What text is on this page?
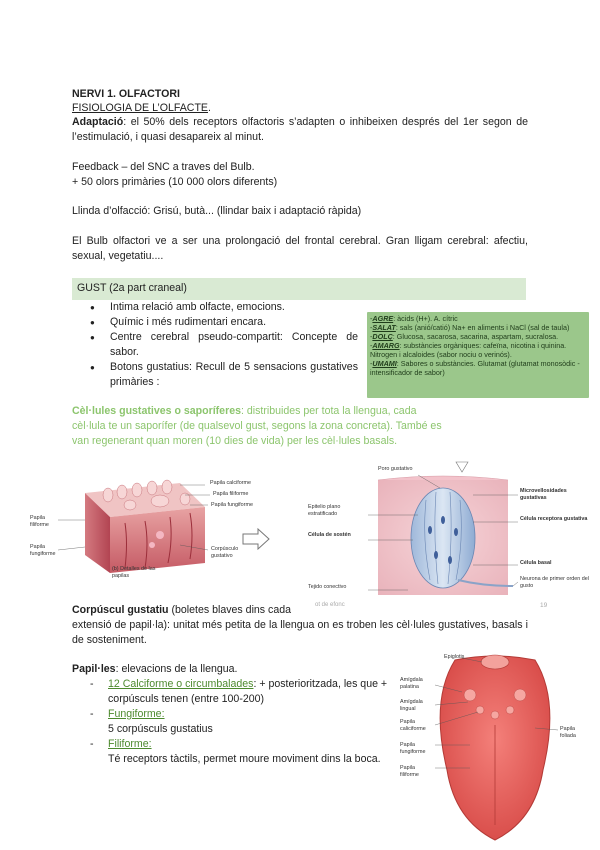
NERVI 1. OLFACTORI
FISIOLOGIA DE L’OLFACTE.
Adaptació: el 50% dels receptors olfactoris s’adapten o inhibeixen després del 1er segon de l’estimulació, i quasi desapareix al minut.
Feedback – del SNC a traves del Bulb.
+ 50 olors primàries (10 000 olors diferents)
Llinda d’olfacció: Grisú, butà... (llindar baix i adaptació ràpida)
El Bulb olfactori ve a ser una prolongació del frontal cerebral. Gran lligam cerebral: afectiu, sexual, vegetatiu....
GUST (2a part craneal)
● Intima relació amb olfacte, emocions.
● Químic i més rudimentari encara.
● Centre cerebral pseudo-compartit: Concepte de sabor.
● Botons gustatius: Recull de 5 sensacions gustatives primàries :

-AGRE: àcids (H+). A. cítric

-SALAT: sals (anió/catió) Na+ en aliments i NaCl (sal de taula)

-DOLÇ: Glucosa, sacarosa, sacarina, aspartam, sucralosa.

-AMARG: substàncies orgàniques: cafeïna, nicotina i quinina. Nitrogen i alcaloides (sabor nociu o verinós).

-UMAMI: Sabores o substàncies. Glutamat (glutamat monosòdic - intensificador de sabor)

Cèl·lules gustatives o saporíferes: distribuides per tota la llengua, cada cèl·lula te un saporífer (de qualsevol gust, segons la zona concreta). També es van regenerant quan moren (10 dies de vida) per les cèl·lules basals.
Papila calciforme
Papila filiforme
Papila fungiforme
Papila filiforme
Papila fungiforme
Corpúsculo gustativo
(b) Detalles de las papilas
Epitelio plano estratificado
Célula de sostén
Tejido conectivo
Poro gustativo
Microvellosidades gustativas
Célula receptora gustativa
Célula basal
Neurona de primer orden del gusto
ot de efonc	19
Corpúscul gustatiu (boletes blaves dins cada
extensió de papil·la): unitat més petita de la llengua on es troben les cèl·lules gustatives, basals i de sosteniment.
Papil·les: elevacions de la llengua.
- 12 Calciforme o circumbalades: + posterioritzada, les que + corpúsculs tenen (entre 100-200)
- Fungiforme:
5 corpúsculs gustatius
- Filiforme:
Té receptors tàctils, permet moure moviment dins la boca.
Epiglotis
Amígdala palatina
Amígdala lingual
Papila caliciforme
Papila fungiforme
Papila filiforme
Papila foliada
